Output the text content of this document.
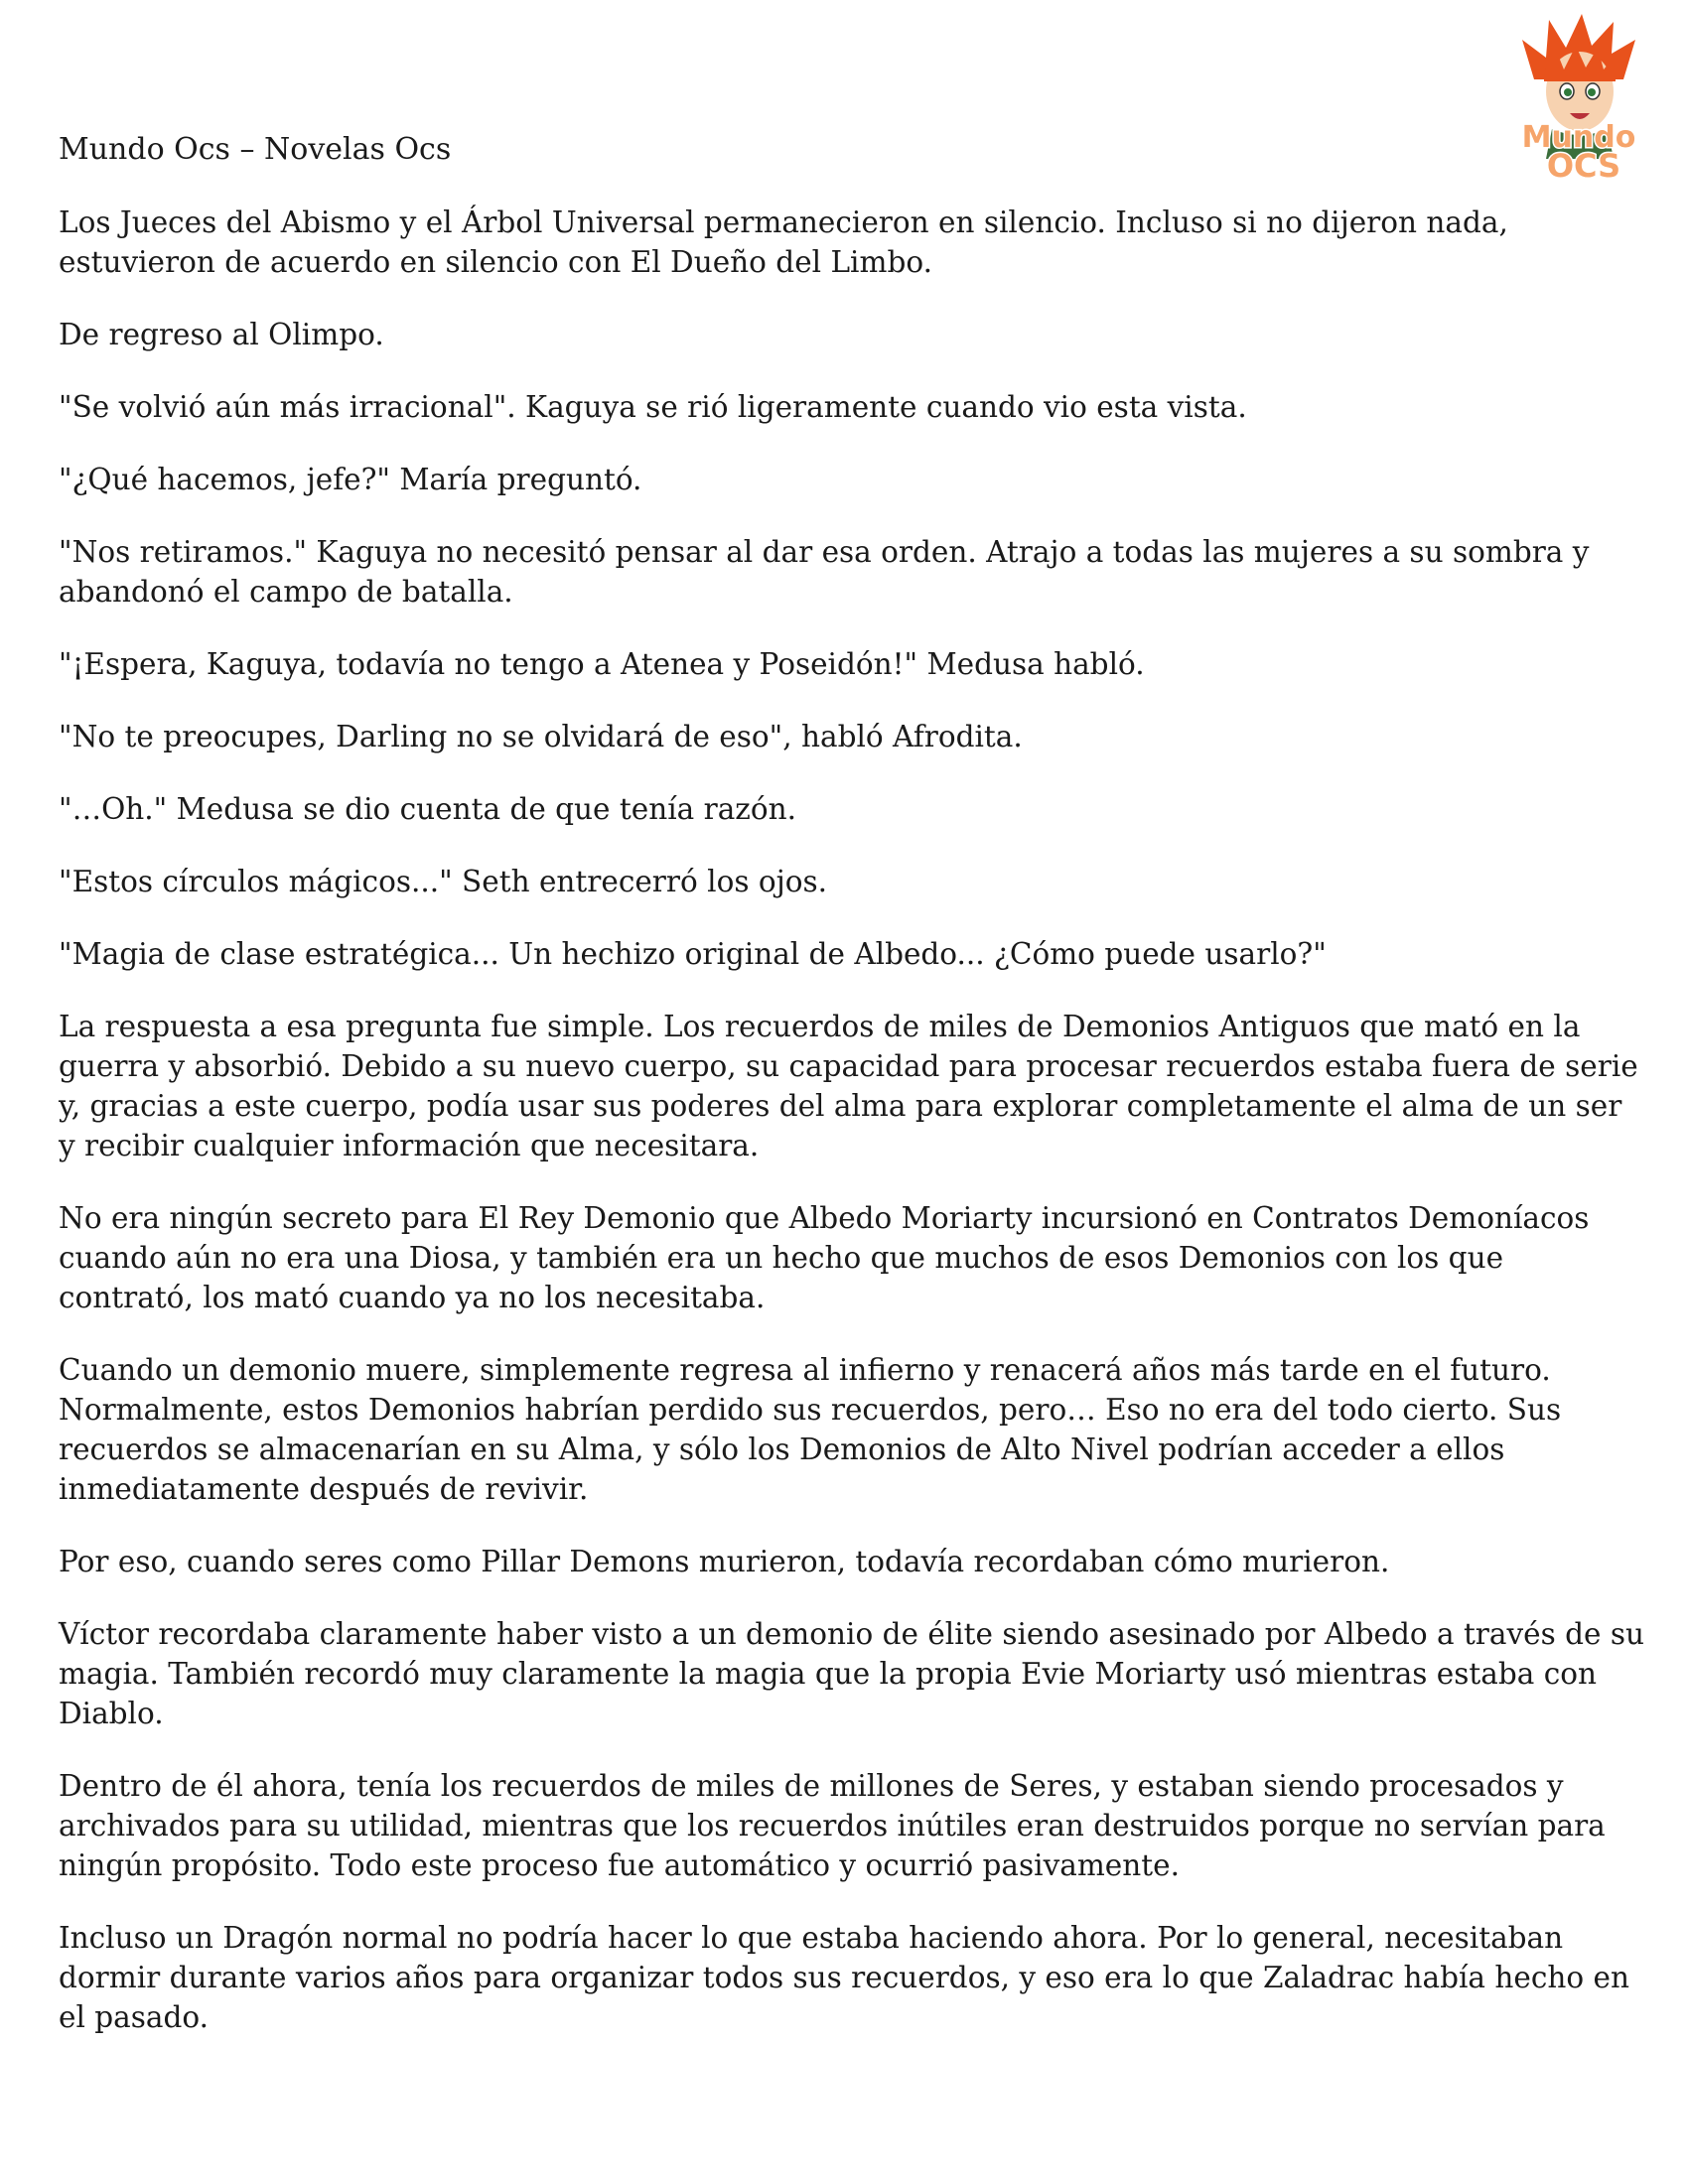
Mundo
OCS
Mundo Ocs – Novelas Ocs

Los Jueces del Abismo y el Árbol Universal permanecieron en silencio. Incluso si no dijeron nada, estuvieron de acuerdo en silencio con El Dueño del Limbo.

De regreso al Olimpo.

"Se volvió aún más irracional". Kaguya se rió ligeramente cuando vio esta vista.

"¿Qué hacemos, jefe?" María preguntó.

"Nos retiramos." Kaguya no necesitó pensar al dar esa orden. Atrajo a todas las mujeres a su sombra y abandonó el campo de batalla.

"¡Espera, Kaguya, todavía no tengo a Atenea y Poseidón!" Medusa habló.

"No te preocupes, Darling no se olvidará de eso", habló Afrodita.

"…Oh." Medusa se dio cuenta de que tenía razón.

"Estos círculos mágicos..." Seth entrecerró los ojos.

"Magia de clase estratégica... Un hechizo original de Albedo... ¿Cómo puede usarlo?"

La respuesta a esa pregunta fue simple. Los recuerdos de miles de Demonios Antiguos que mató en la guerra y absorbió. Debido a su nuevo cuerpo, su capacidad para procesar recuerdos estaba fuera de serie y, gracias a este cuerpo, podía usar sus poderes del alma para explorar completamente el alma de un ser y recibir cualquier información que necesitara.

No era ningún secreto para El Rey Demonio que Albedo Moriarty incursionó en Contratos Demoníacos cuando aún no era una Diosa, y también era un hecho que muchos de esos Demonios con los que contrató, los mató cuando ya no los necesitaba.

Cuando un demonio muere, simplemente regresa al infierno y renacerá años más tarde en el futuro. Normalmente, estos Demonios habrían perdido sus recuerdos, pero… Eso no era del todo cierto. Sus recuerdos se almacenarían en su Alma, y sólo los Demonios de Alto Nivel podrían acceder a ellos inmediatamente después de revivir.

Por eso, cuando seres como Pillar Demons murieron, todavía recordaban cómo murieron.

Víctor recordaba claramente haber visto a un demonio de élite siendo asesinado por Albedo a través de su magia. También recordó muy claramente la magia que la propia Evie Moriarty usó mientras estaba con Diablo.

Dentro de él ahora, tenía los recuerdos de miles de millones de Seres, y estaban siendo procesados y archivados para su utilidad, mientras que los recuerdos inútiles eran destruidos porque no servían para ningún propósito. Todo este proceso fue automático y ocurrió pasivamente.

Incluso un Dragón normal no podría hacer lo que estaba haciendo ahora. Por lo general, necesitaban dormir durante varios años para organizar todos sus recuerdos, y eso era lo que Zaladrac había hecho en el pasado.
